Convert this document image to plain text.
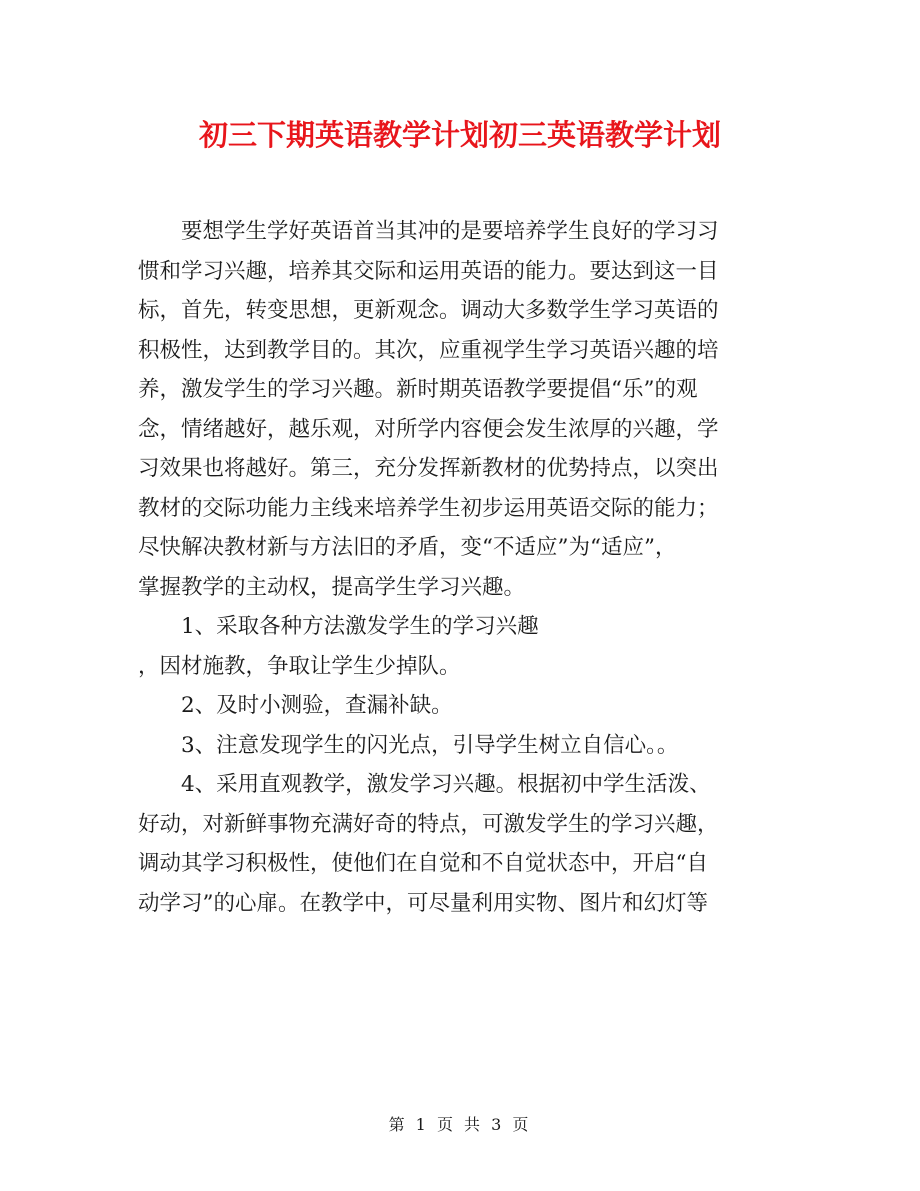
初三下期英语教学计划初三英语教学计划
要想学生学好英语首当其冲的是要培养学生良好的学习习
惯和学习兴趣，培养其交际和运用英语的能力。要达到这一目
标，首先，转变思想，更新观念。调动大多数学生学习英语的
积极性，达到教学目的。其次，应重视学生学习英语兴趣的培
养，激发学生的学习兴趣。新时期英语教学要提倡“乐”的观
念，情绪越好，越乐观，对所学内容便会发生浓厚的兴趣，学
习效果也将越好。第三，充分发挥新教材的优势持点，以突出
教材的交际功能力主线来培养学生初步运用英语交际的能力；
尽快解决教材新与方法旧的矛盾，变“不适应”为“适应”，
掌握教学的主动权，提高学生学习兴趣。
1、采取各种方法激发学生的学习兴趣
，因材施教，争取让学生少掉队。
2、及时小测验，查漏补缺。
3、注意发现学生的闪光点，引导学生树立自信心。。
4、采用直观教学，激发学习兴趣。根据初中学生活泼、
好动，对新鲜事物充满好奇的特点，可激发学生的学习兴趣，
调动其学习积极性，使他们在自觉和不自觉状态中，开启“自
动学习”的心扉。在教学中，可尽量利用实物、图片和幻灯等
第 1 页 共 3 页
